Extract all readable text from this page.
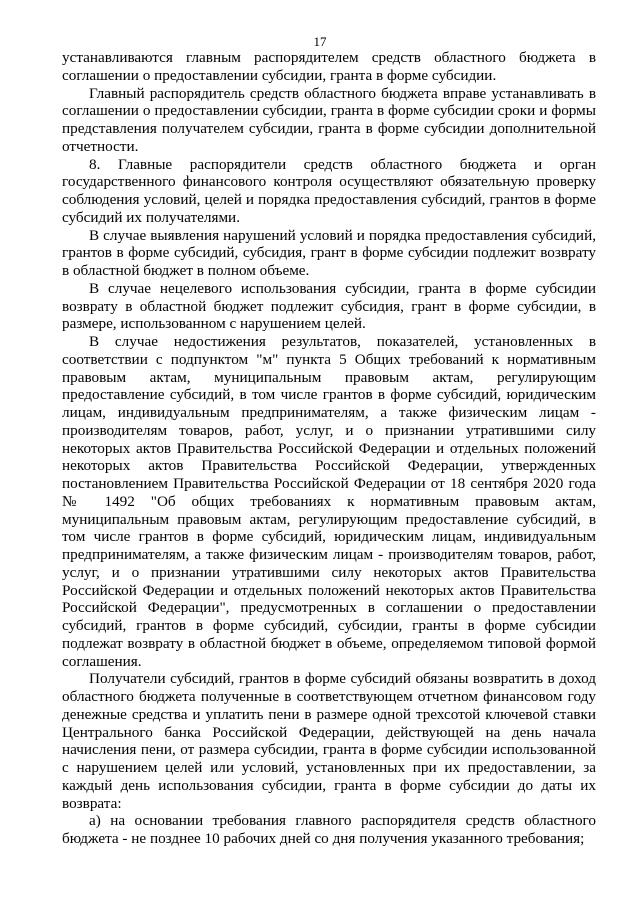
17

устанавливаются главным распорядителем средств областного бюджета в соглашении о предоставлении субсидии, гранта в форме субсидии.

Главный распорядитель средств областного бюджета вправе устанавливать в соглашении о предоставлении субсидии, гранта в форме субсидии сроки и формы представления получателем субсидии, гранта в форме субсидии дополнительной отчетности.

8. Главные распорядители средств областного бюджета и орган государственного финансового контроля осуществляют обязательную проверку соблюдения условий, целей и порядка предоставления субсидий, грантов в форме субсидий их получателями.

В случае выявления нарушений условий и порядка предоставления субсидий, грантов в форме субсидий, субсидия, грант в форме субсидии подлежит возврату в областной бюджет в полном объеме.

В случае нецелевого использования субсидии, гранта в форме субсидии возврату в областной бюджет подлежит субсидия, грант в форме субсидии, в размере, использованном с нарушением целей.

В случае недостижения результатов, показателей, установленных в соответствии с подпунктом "м" пункта 5 Общих требований к нормативным правовым актам, муниципальным правовым актам, регулирующим предоставление субсидий, в том числе грантов в форме субсидий, юридическим лицам, индивидуальным предпринимателям, а также физическим лицам - производителям товаров, работ, услуг, и о признании утратившими силу некоторых актов Правительства Российской Федерации и отдельных положений некоторых актов Правительства Российской Федерации, утвержденных постановлением Правительства Российской Федерации от 18 сентября 2020 года № 1492 "Об общих требованиях к нормативным правовым актам, муниципальным правовым актам, регулирующим предоставление субсидий, в том числе грантов в форме субсидий, юридическим лицам, индивидуальным предпринимателям, а также физическим лицам - производителям товаров, работ, услуг, и о признании утратившими силу некоторых актов Правительства Российской Федерации и отдельных положений некоторых актов Правительства Российской Федерации", предусмотренных в соглашении о предоставлении субсидий, грантов в форме субсидий, субсидии, гранты в форме субсидии подлежат возврату в областной бюджет в объеме, определяемом типовой формой соглашения.

Получатели субсидий, грантов в форме субсидий обязаны возвратить в доход областного бюджета полученные в соответствующем отчетном финансовом году денежные средства и уплатить пени в размере одной трехсотой ключевой ставки Центрального банка Российской Федерации, действующей на день начала начисления пени, от размера субсидии, гранта в форме субсидии использованной с нарушением целей или условий, установленных при их предоставлении, за каждый день использования субсидии, гранта в форме субсидии до даты их возврата:

а) на основании требования главного распорядителя средств областного бюджета - не позднее 10 рабочих дней со дня получения указанного требования;
